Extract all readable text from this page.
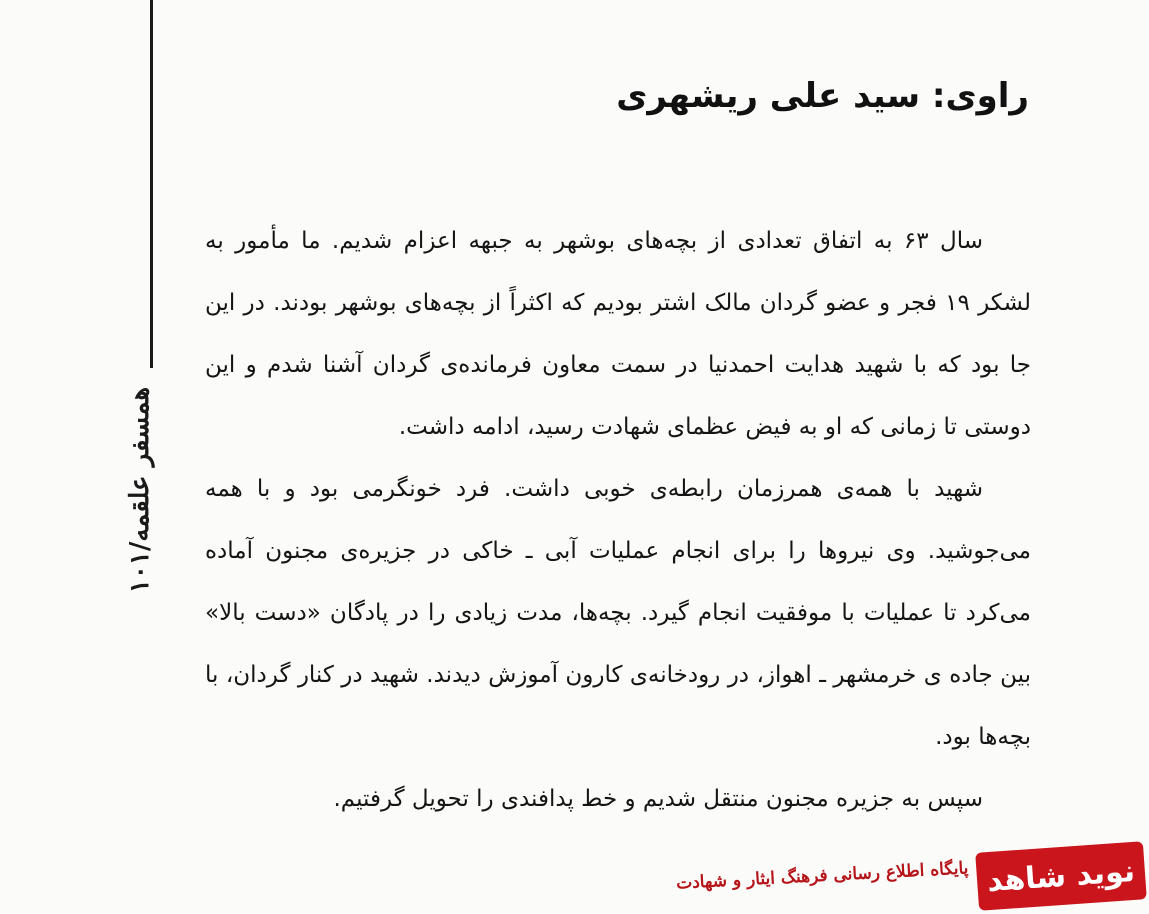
همسفر علقمه/۱۰۱
راوی: سید علی ریشهری

سال ۶۳ به اتفاق تعدادی از بچه‌های بوشهر به جبهه اعزام شدیم. ما مأمور به لشکر ۱۹ فجر و عضو گردان مالک اشتر بودیم که اکثراً از بچه‌های بوشهر بودند. در این جا بود که با شهید هدایت احمدنیا در سمت معاون فرمانده‌ی گردان آشنا شدم و این دوستی تا زمانی که او به فیض عظمای شهادت رسید، ادامه داشت.

شهید با همه‌ی همرزمان رابطه‌ی خوبی داشت. فرد خونگرمی بود و با همه می‌جوشید. وی نیروها را برای انجام عملیات آبی ـ خاکی در جزیره‌ی مجنون آماده می‌کرد تا عملیات با موفقیت انجام گیرد. بچه‌ها، مدت زیادی را در پادگان «دست بالا» بین جاده ی خرمشهر ـ اهواز، در رودخانه‌ی کارون آموزش دیدند. شهید در کنار گردان، با بچه‌ها بود.

سپس به جزیره مجنون منتقل شدیم و خط پدافندی را تحویل گرفتیم.

نوید شاهد
پایگاه اطلاع رسانی فرهنگ ایثار و شهادت
